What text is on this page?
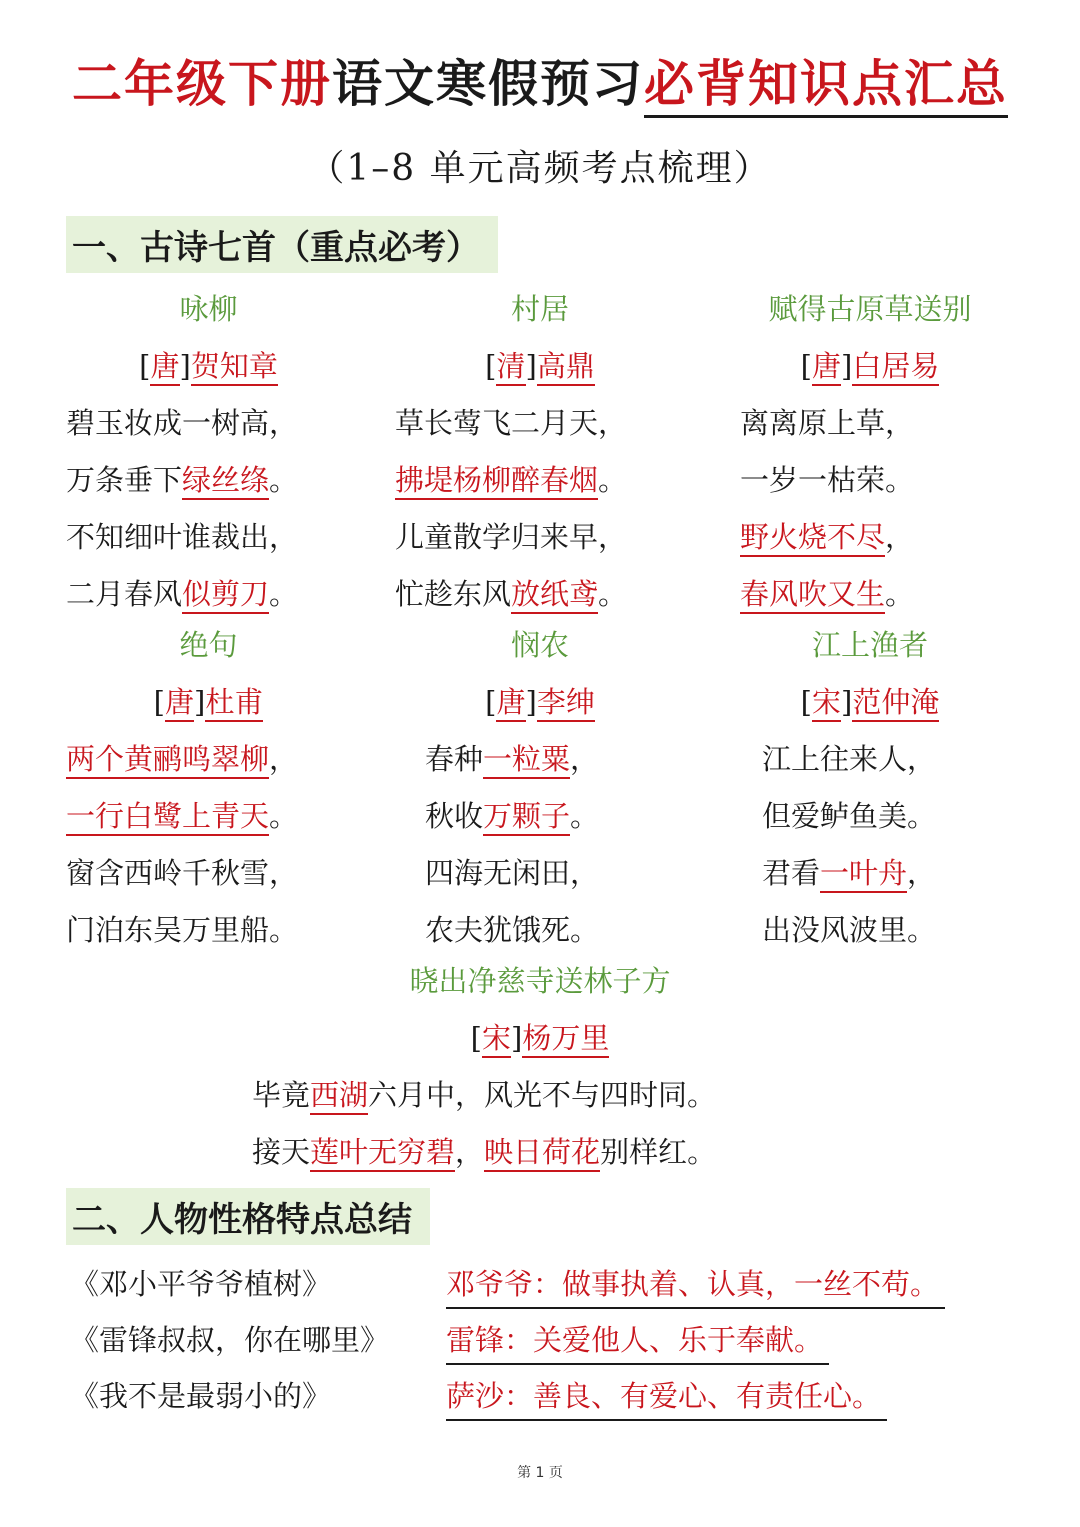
二年级下册语文寒假预习必背知识点汇总
（1–8 单元高频考点梳理）
一、古诗七首（重点必考）
咏柳
[唐]贺知章
碧玉妆成一树高，
万条垂下绿丝绦。
不知细叶谁裁出，
二月春风似剪刀。
村居
[清]高鼎
草长莺飞二月天，
拂堤杨柳醉春烟。
儿童散学归来早，
忙趁东风放纸鸢。
赋得古原草送别
[唐]白居易
离离原上草，
一岁一枯荣。
野火烧不尽，
春风吹又生。
绝句
[唐]杜甫
两个黄鹂鸣翠柳，
一行白鹭上青天。
窗含西岭千秋雪，
门泊东吴万里船。
悯农
[唐]李绅
春种一粒粟，
秋收万颗子。
四海无闲田，
农夫犹饿死。
江上渔者
[宋]范仲淹
江上往来人，
但爱鲈鱼美。
君看一叶舟，
出没风波里。
晓出净慈寺送林子方
[宋]杨万里
毕竟西湖六月中，风光不与四时同。
接天莲叶无穷碧，映日荷花别样红。
二、人物性格特点总结
《邓小平爷爷植树》	邓爷爷：做事执着、认真，一丝不苟。
《雷锋叔叔，你在哪里》 雷锋：关爱他人、乐于奉献。
《我不是最弱小的》	萨沙：善良、有爱心、有责任心。
第 1 页
